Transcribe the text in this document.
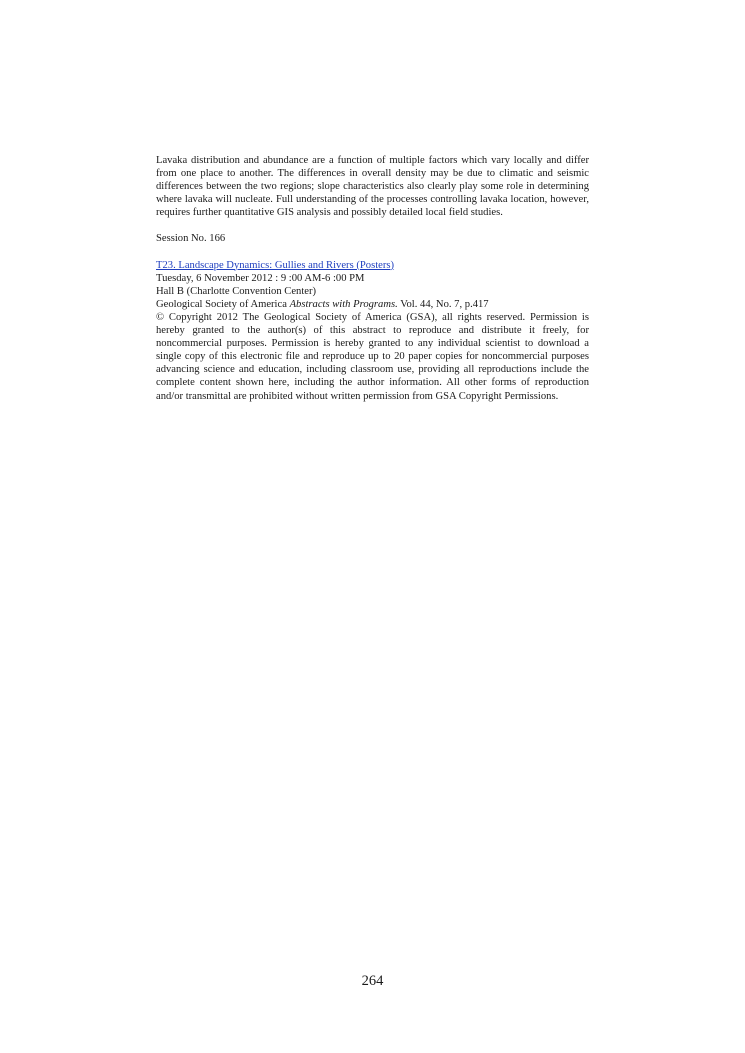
Lavaka distribution and abundance are a function of multiple factors which vary locally and differ from one place to another. The differences in overall density may be due to climatic and seismic differences between the two regions; slope characteristics also clearly play some role in determining where lavaka will nucleate. Full understanding of the processes controlling lavaka location, however, requires further quantitative GIS analysis and possibly detailed local field studies.

Session No. 166

T23. Landscape Dynamics: Gullies and Rivers (Posters)

Tuesday, 6 November 2012 : 9 :00 AM-6 :00 PM

Hall B (Charlotte Convention Center)

Geological Society of America Abstracts with Programs. Vol. 44, No. 7, p.417

© Copyright 2012 The Geological Society of America (GSA), all rights reserved. Permission is hereby granted to the author(s) of this abstract to reproduce and distribute it freely, for noncommercial purposes. Permission is hereby granted to any individual scientist to download a single copy of this electronic file and reproduce up to 20 paper copies for noncommercial purposes advancing science and education, including classroom use, providing all reproductions include the complete content shown here, including the author information. All other forms of reproduction and/or transmittal are prohibited without written permission from GSA Copyright Permissions.

264
